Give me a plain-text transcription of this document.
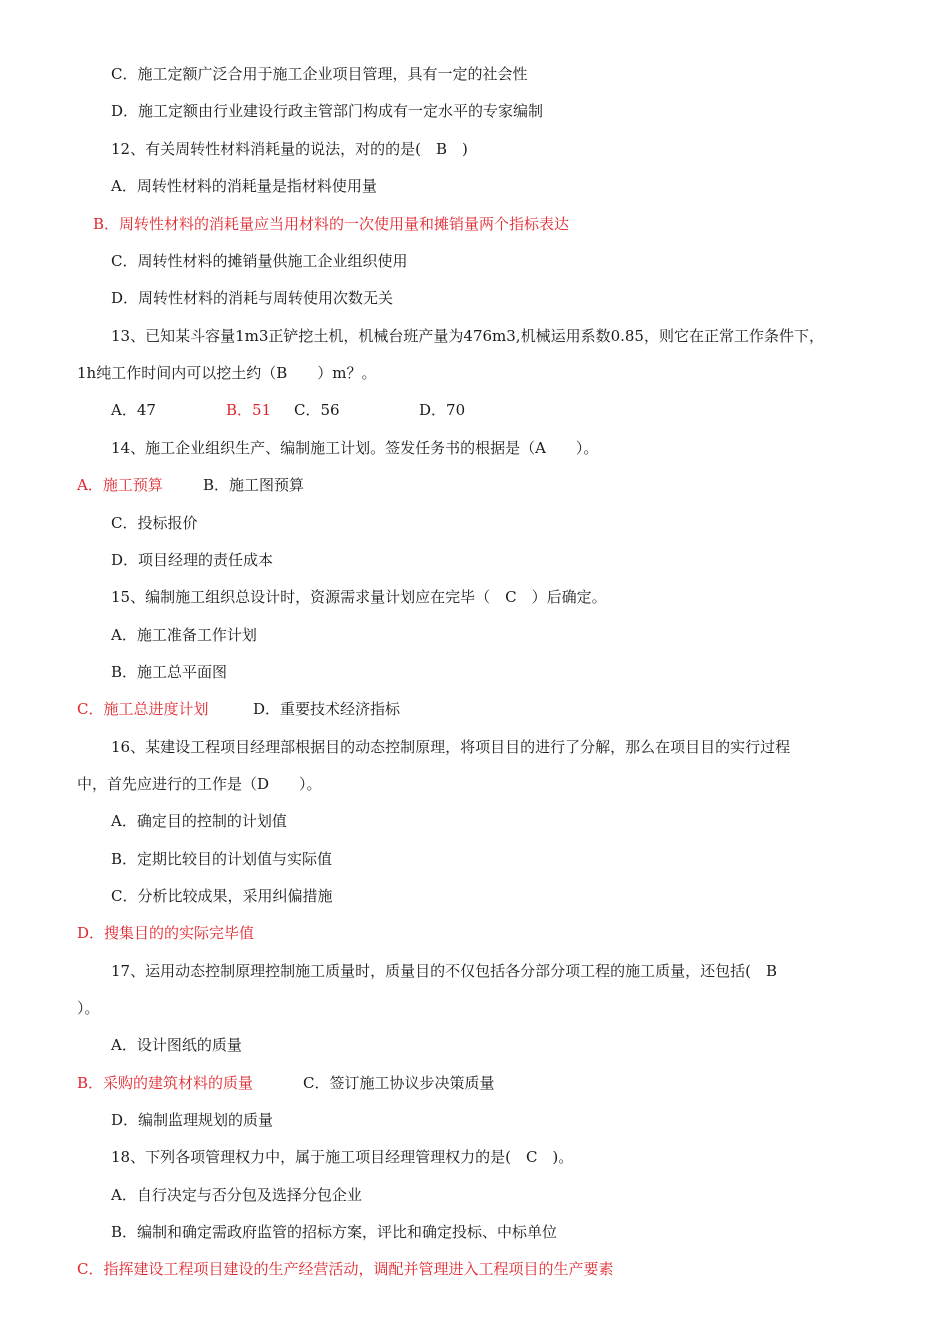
C．施工定额广泛合用于施工企业项目管理，具有一定的社会性
D．施工定额由行业建设行政主管部门构成有一定水平的专家编制
12、有关周转性材料消耗量的说法，对的的是(　B　)
A．周转性材料的消耗量是指材料使用量
B．周转性材料的消耗量应当用材料的一次使用量和摊销量两个指标表达
C．周转性材料的摊销量供施工企业组织使用
D．周转性材料的消耗与周转使用次数无关
13、已知某斗容量1m3正铲挖土机，机械台班产量为476m3,机械运用系数0.85，则它在正常工作条件下，
1h纯工作时间内可以挖土约（B　　）m？。
A．47	B．51 C．56	D．70
14、施工企业组织生产、编制施工计划。签发任务书的根据是（A　　）。
A．施工预算	B．施工图预算
C．投标报价
D．项目经理的责任成本
15、编制施工组织总设计时，资源需求量计划应在完毕（　C　）后确定。
A．施工准备工作计划
B．施工总平面图
C．施工总进度计划	D．重要技术经济指标
16、某建设工程项目经理部根据目的动态控制原理，将项目目的进行了分解，那么在项目目的实行过程
中，首先应进行的工作是（D　　）。
A．确定目的控制的计划值
B．定期比较目的计划值与实际值
C．分析比较成果，采用纠偏措施
D．搜集目的的实际完毕值
17、运用动态控制原理控制施工质量时，质量目的不仅包括各分部分项工程的施工质量，还包括(　B
）。
A．设计图纸的质量
B．采购的建筑材料的质量	C．签订施工协议步决策质量
D．编制监理规划的质量
18、下列各项管理权力中，属于施工项目经理管理权力的是(　C　)。
A．自行决定与否分包及选择分包企业
B．编制和确定需政府监管的招标方案，评比和确定投标、中标单位
C．指挥建设工程项目建设的生产经营活动，调配并管理进入工程项目的生产要素
